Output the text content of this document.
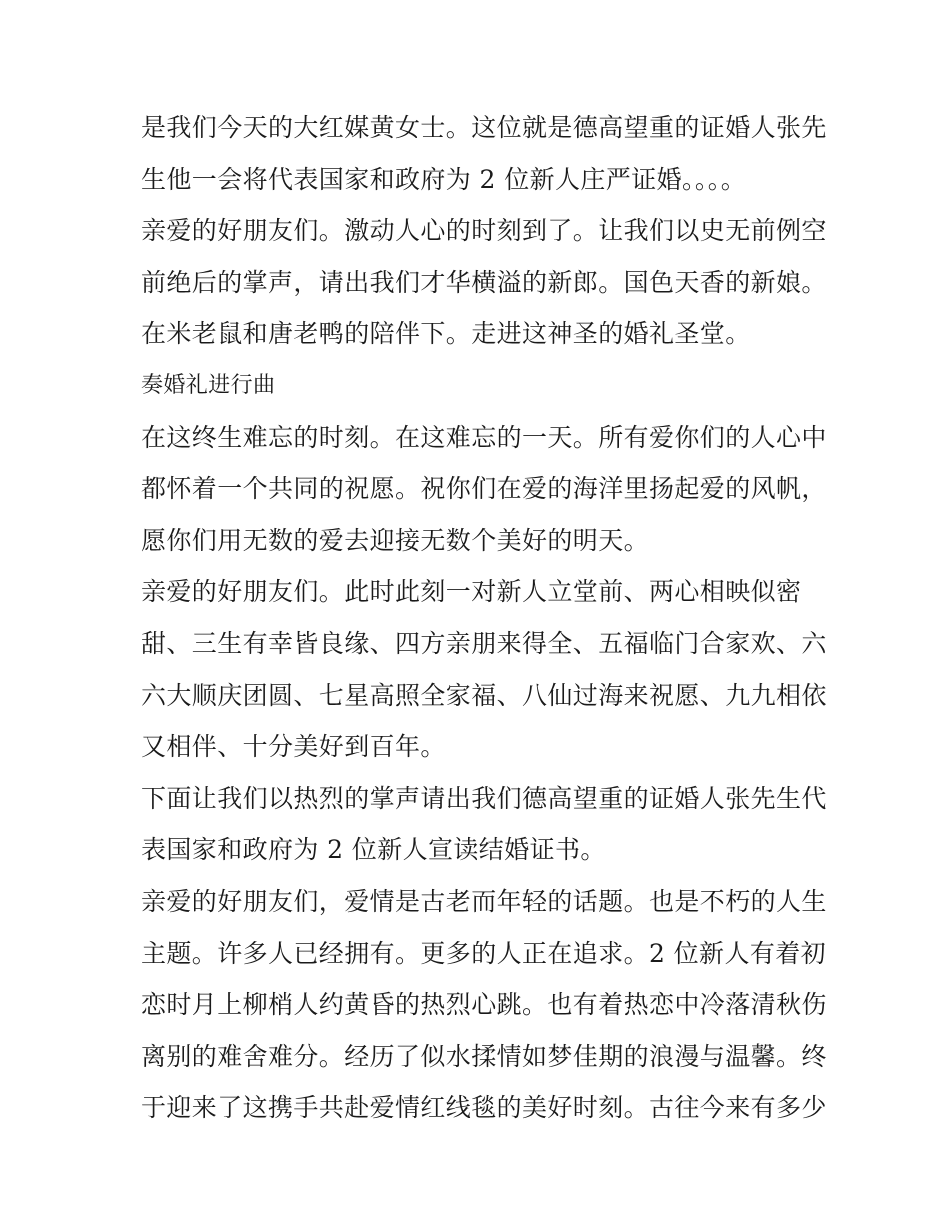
是我们今天的大红媒黄女士。这位就是德高望重的证婚人张先
生他一会将代表国家和政府为 2 位新人庄严证婚。。。。
亲爱的好朋友们。激动人心的时刻到了。让我们以史无前例空
前绝后的掌声，请出我们才华横溢的新郎。国色天香的新娘。
在米老鼠和唐老鸭的陪伴下。走进这神圣的婚礼圣堂。
奏婚礼进行曲
在这终生难忘的时刻。在这难忘的一天。所有爱你们的人心中
都怀着一个共同的祝愿。祝你们在爱的海洋里扬起爱的风帆，
愿你们用无数的爱去迎接无数个美好的明天。
亲爱的好朋友们。此时此刻一对新人立堂前、两心相映似密
甜、三生有幸皆良缘、四方亲朋来得全、五福临门合家欢、六
六大顺庆团圆、七星高照全家福、八仙过海来祝愿、九九相依
又相伴、十分美好到百年。
下面让我们以热烈的掌声请出我们德高望重的证婚人张先生代
表国家和政府为 2 位新人宣读结婚证书。
亲爱的好朋友们，爱情是古老而年轻的话题。也是不朽的人生
主题。许多人已经拥有。更多的人正在追求。2 位新人有着初
恋时月上柳梢人约黄昏的热烈心跳。也有着热恋中冷落清秋伤
离别的难舍难分。经历了似水揉情如梦佳期的浪漫与温馨。终
于迎来了这携手共赴爱情红线毯的美好时刻。古往今来有多少
